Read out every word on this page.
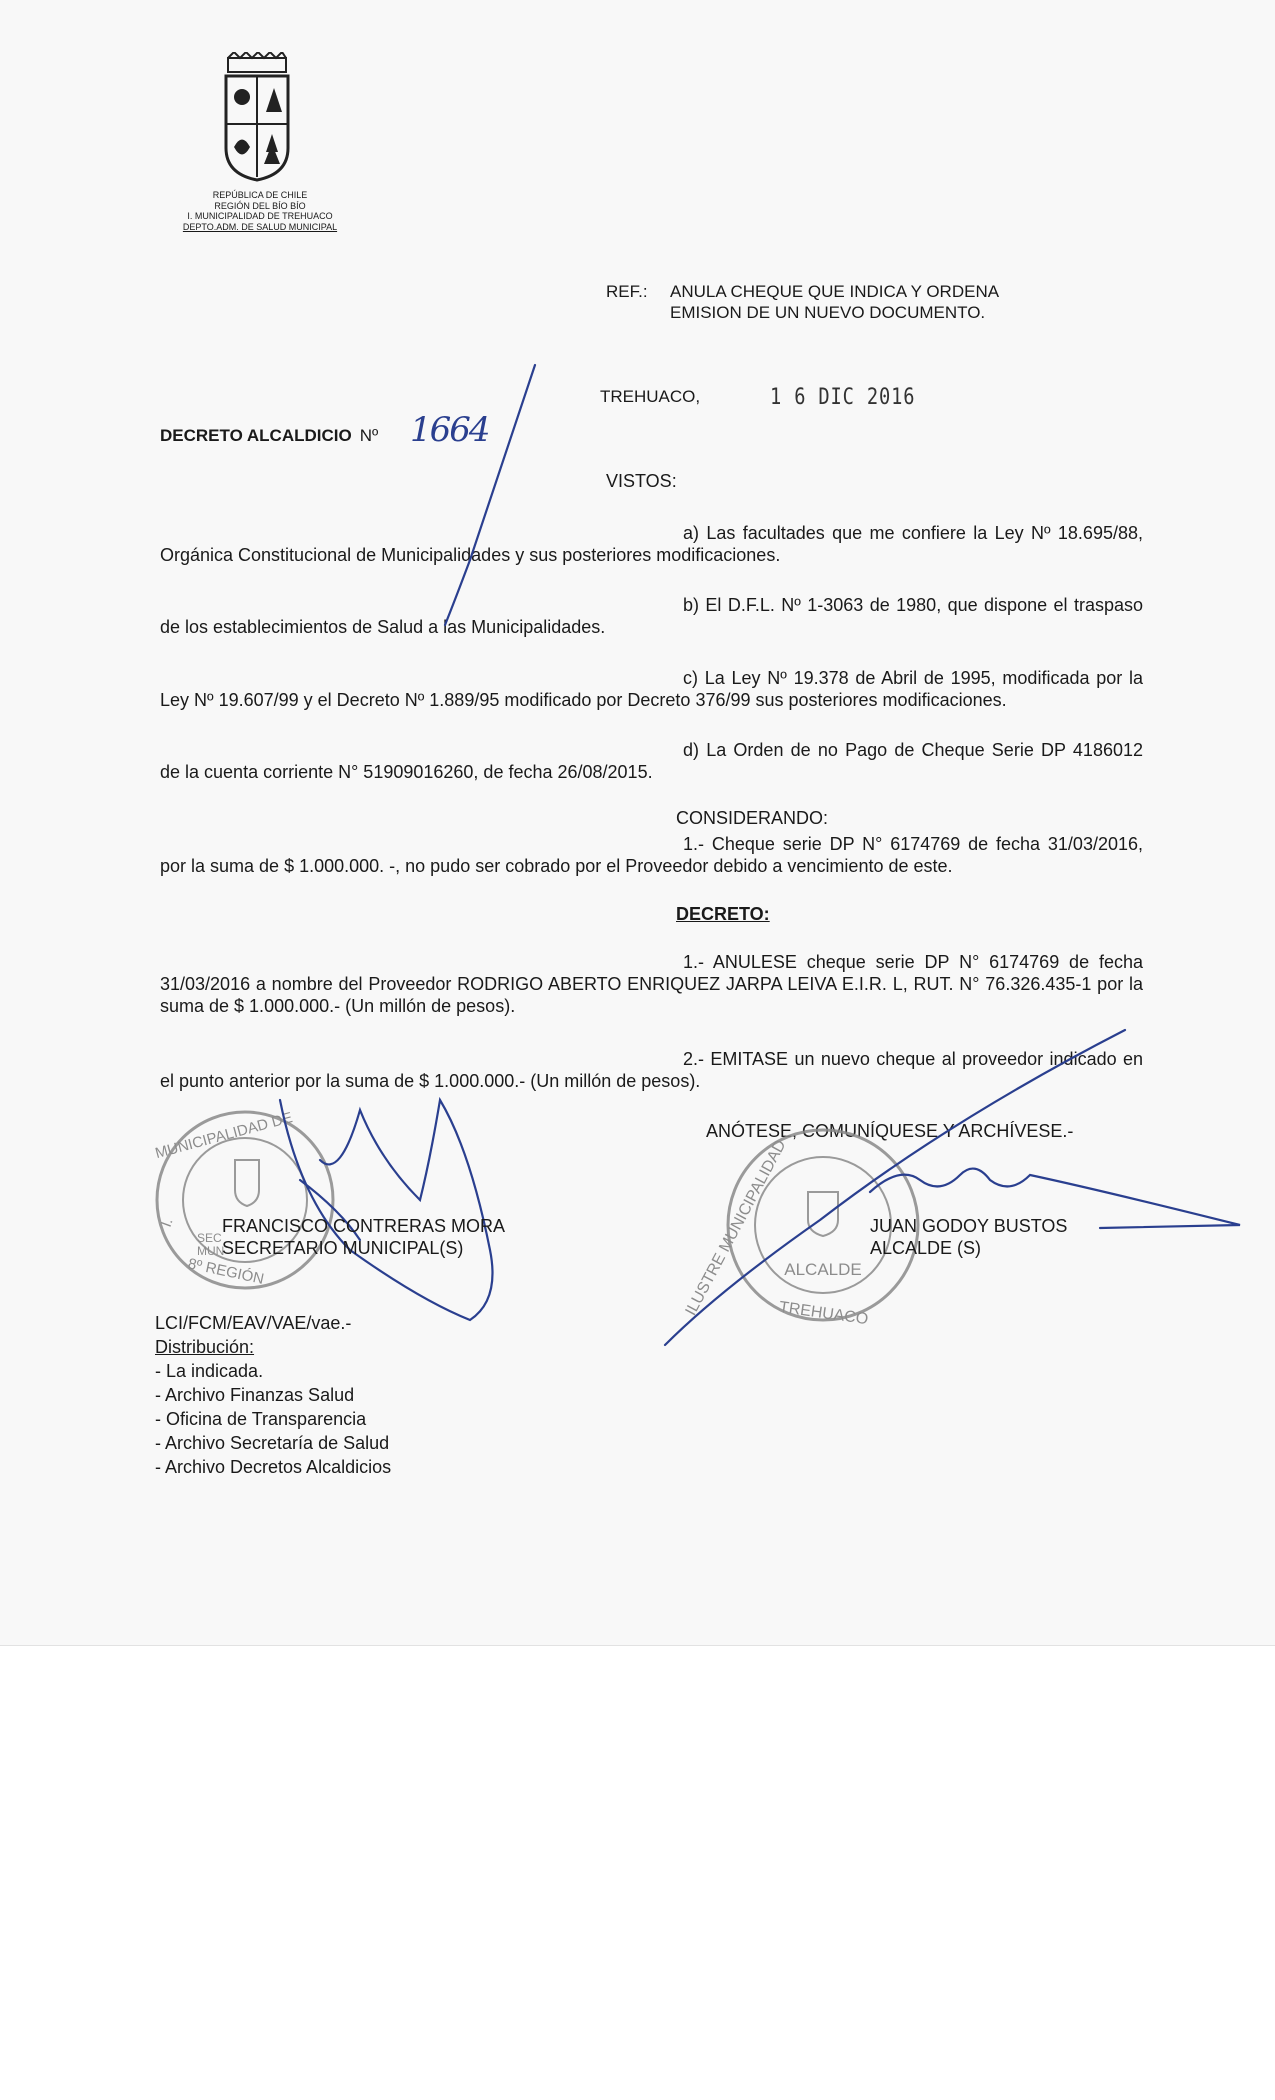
REPÚBLICA DE CHILE
REGIÓN DEL BÍO BÍO
I. MUNICIPALIDAD DE TREHUACO
DEPTO.ADM. DE SALUD MUNICIPAL
REF.: ANULA CHEQUE QUE INDICA Y ORDENA
EMISION DE UN NUEVO DOCUMENTO.
TREHUACO,	1 6 DIC 2016
DECRETO ALCALDICIO Nº 1664
VISTOS:
a) Las facultades que me confiere la Ley Nº 18.695/88, Orgánica Constitucional de Municipalidades y sus posteriores modificaciones.
b) El D.F.L. Nº 1-3063 de 1980, que dispone el traspaso de los establecimientos de Salud a las Municipalidades.
c) La Ley Nº 19.378 de Abril de 1995, modificada por la Ley Nº 19.607/99 y el Decreto Nº 1.889/95 modificado por Decreto 376/99 sus posteriores modificaciones.
d) La Orden de no Pago de Cheque Serie DP 4186012 de la cuenta corriente N° 51909016260, de fecha 26/08/2015.
CONSIDERANDO:
1.- Cheque serie DP N° 6174769 de fecha 31/03/2016, por la suma de $ 1.000.000. -, no pudo ser cobrado por el Proveedor debido a vencimiento de este.
DECRETO:
1.- ANULESE cheque serie DP N° 6174769 de fecha 31/03/2016 a nombre del Proveedor RODRIGO ABERTO ENRIQUEZ JARPA LEIVA E.I.R. L, RUT. N° 76.326.435-1 por la suma de $ 1.000.000.- (Un millón de pesos).
2.- EMITASE un nuevo cheque al proveedor indicado en el punto anterior por la suma de $ 1.000.000.- (Un millón de pesos).
ANÓTESE, COMUNÍQUESE Y ARCHÍVESE.-
MUNICIPALIDAD DE
I.
8º REGIÓN
SEC
MUN	ILUSTRE MUNICIPALIDAD
ALCALDE
TREHUACO
FRANCISCO CONTRERAS MORA
SECRETARIO MUNICIPAL(S)
JUAN GODOY BUSTOS
ALCALDE (S)
LCI/FCM/EAV/VAE/vae.-
Distribución:
- La indicada.
- Archivo Finanzas Salud
- Oficina de Transparencia
- Archivo Secretaría de Salud
- Archivo Decretos Alcaldicios
